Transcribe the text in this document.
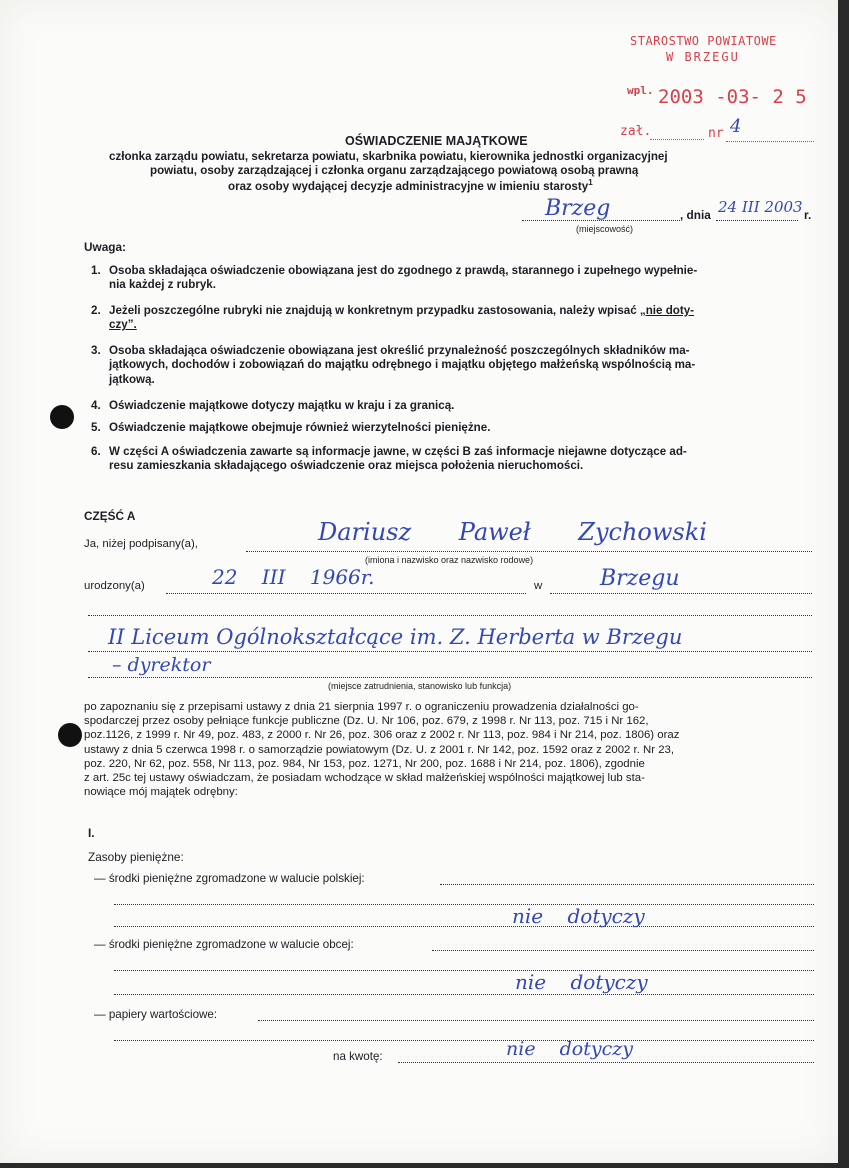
STAROSTWO POWIATOWE
W BRZEGU
wpl. 2003 -03- 2 5
zał.	nr 4
OŚWIADCZENIE MAJĄTKOWE
członka zarządu powiatu, sekretarza powiatu, skarbnika powiatu, kierownika jednostki organizacyjnej
powiatu, osoby zarządzającej i członka organu zarządzającego powiatową osobą prawną
oraz osoby wydającej decyzje administracyjne w imieniu starosty$^1$
Brzeg	, dnia 24 III 2003 r.
(miejscowość)
Uwaga:
1. Osoba składająca oświadczenie obowiązana jest do zgodnego z prawdą, starannego i zupełnego wypełnie-
nia każdej z rubryk.
2. Jeżeli poszczególne rubryki nie znajdują w konkretnym przypadku zastosowania, należy wpisać „nie doty-
czy”.
3. Osoba składająca oświadczenie obowiązana jest określić przynależność poszczególnych składników ma-
jątkowych, dochodów i zobowiązań do majątku odrębnego i majątku objętego małżeńską wspólnością ma-
jątkową.
4. Oświadczenie majątkowe dotyczy majątku w kraju i za granicą.
5. Oświadczenie majątkowe obejmuje również wierzytelności pieniężne.
6. W części A oświadczenia zawarte są informacje jawne, w części B zaś informacje niejawne dotyczące ad-
resu zamieszkania składającego oświadczenie oraz miejsca położenia nieruchomości.
CZĘŚĆ A
Ja, niżej podpisany(a),	Dariusz Paweł Zychowski
(imiona i nazwisko oraz nazwisko rodowe)
urodzony(a)	22 III 1966r.	w	Brzegu
II Liceum Ogólnokształcące im. Z. Herberta w Brzegu
– dyrektor
(miejsce zatrudnienia, stanowisko lub funkcja)
po zapoznaniu się z przepisami ustawy z dnia 21 sierpnia 1997 r. o ograniczeniu prowadzenia działalności go-
spodarczej przez osoby pełniące funkcje publiczne (Dz. U. Nr 106, poz. 679, z 1998 r. Nr 113, poz. 715 i Nr 162,
poz.1126, z 1999 r. Nr 49, poz. 483, z 2000 r. Nr 26, poz. 306 oraz z 2002 r. Nr 113, poz. 984 i Nr 214, poz. 1806) oraz
ustawy z dnia 5 czerwca 1998 r. o samorządzie powiatowym (Dz. U. z 2001 r. Nr 142, poz. 1592 oraz z 2002 r. Nr 23,
poz. 220, Nr 62, poz. 558, Nr 113, poz. 984, Nr 153, poz. 1271, Nr 200, poz. 1688 i Nr 214, poz. 1806), zgodnie
z art. 25c tej ustawy oświadczam, że posiadam wchodzące w skład małżeńskiej wspólności majątkowej lub sta-
nowiące mój majątek odrębny:
I.
Zasoby pieniężne:
— środki pieniężne zgromadzone w walucie polskiej:
nie dotyczy
— środki pieniężne zgromadzone w walucie obcej:
nie dotyczy
— papiery wartościowe:
na kwotę:	nie dotyczy
